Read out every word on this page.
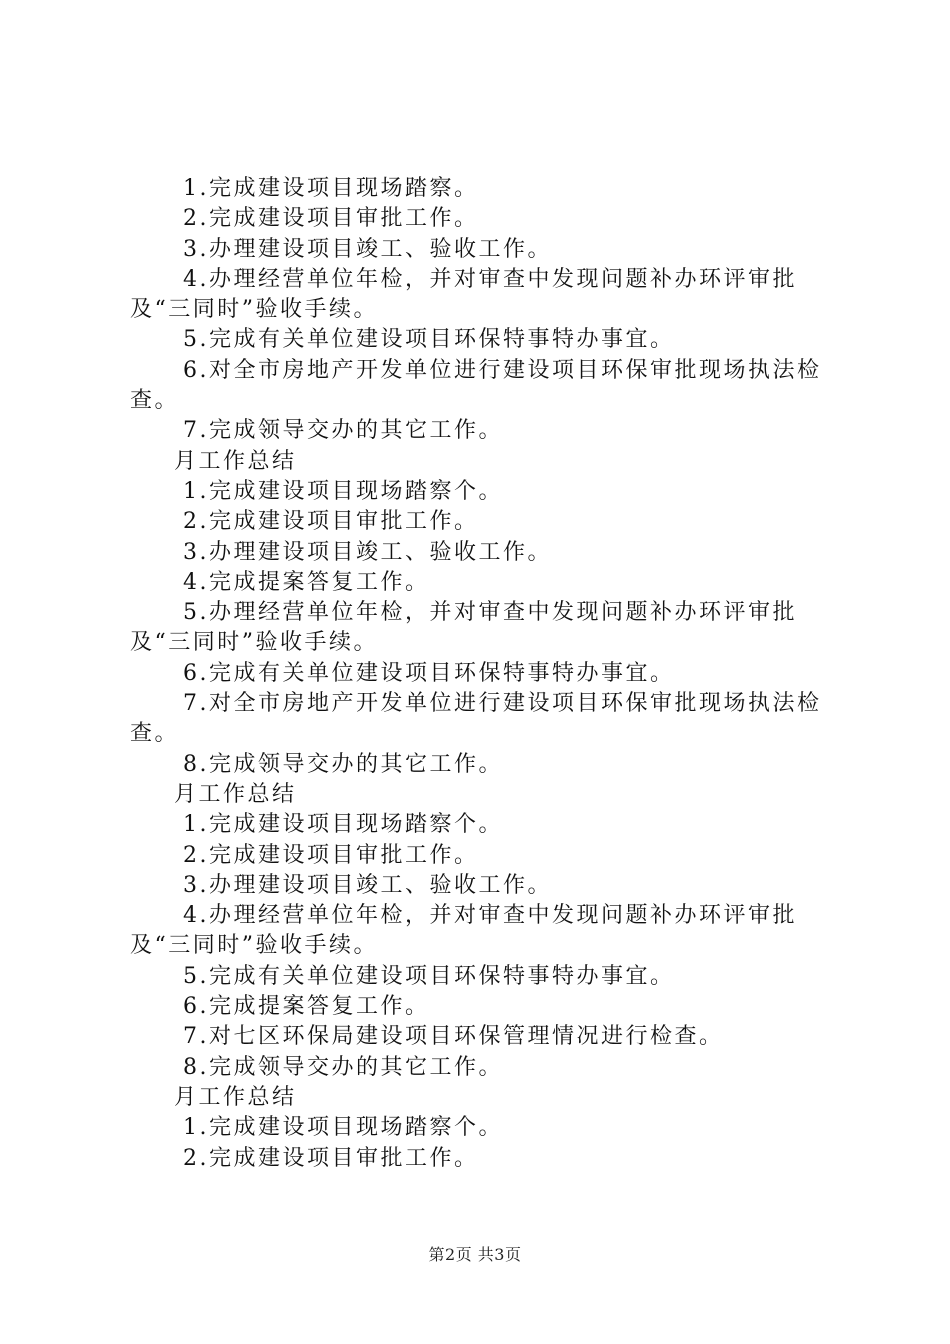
1.完成建设项目现场踏察。

2.完成建设项目审批工作。

3.办理建设项目竣工、验收工作。

4.办理经营单位年检，并对审查中发现问题补办环评审批及“三同时”验收手续。

5.完成有关单位建设项目环保特事特办事宜。

6.对全市房地产开发单位进行建设项目环保审批现场执法检查。

7.完成领导交办的其它工作。

月工作总结

1.完成建设项目现场踏察个。

2.完成建设项目审批工作。

3.办理建设项目竣工、验收工作。

4.完成提案答复工作。

5.办理经营单位年检，并对审查中发现问题补办环评审批及“三同时”验收手续。

6.完成有关单位建设项目环保特事特办事宜。

7.对全市房地产开发单位进行建设项目环保审批现场执法检查。

8.完成领导交办的其它工作。

月工作总结

1.完成建设项目现场踏察个。

2.完成建设项目审批工作。

3.办理建设项目竣工、验收工作。

4.办理经营单位年检，并对审查中发现问题补办环评审批及“三同时”验收手续。

5.完成有关单位建设项目环保特事特办事宜。

6.完成提案答复工作。

7.对七区环保局建设项目环保管理情况进行检查。

8.完成领导交办的其它工作。

月工作总结

1.完成建设项目现场踏察个。

2.完成建设项目审批工作。

第2页 共3页
